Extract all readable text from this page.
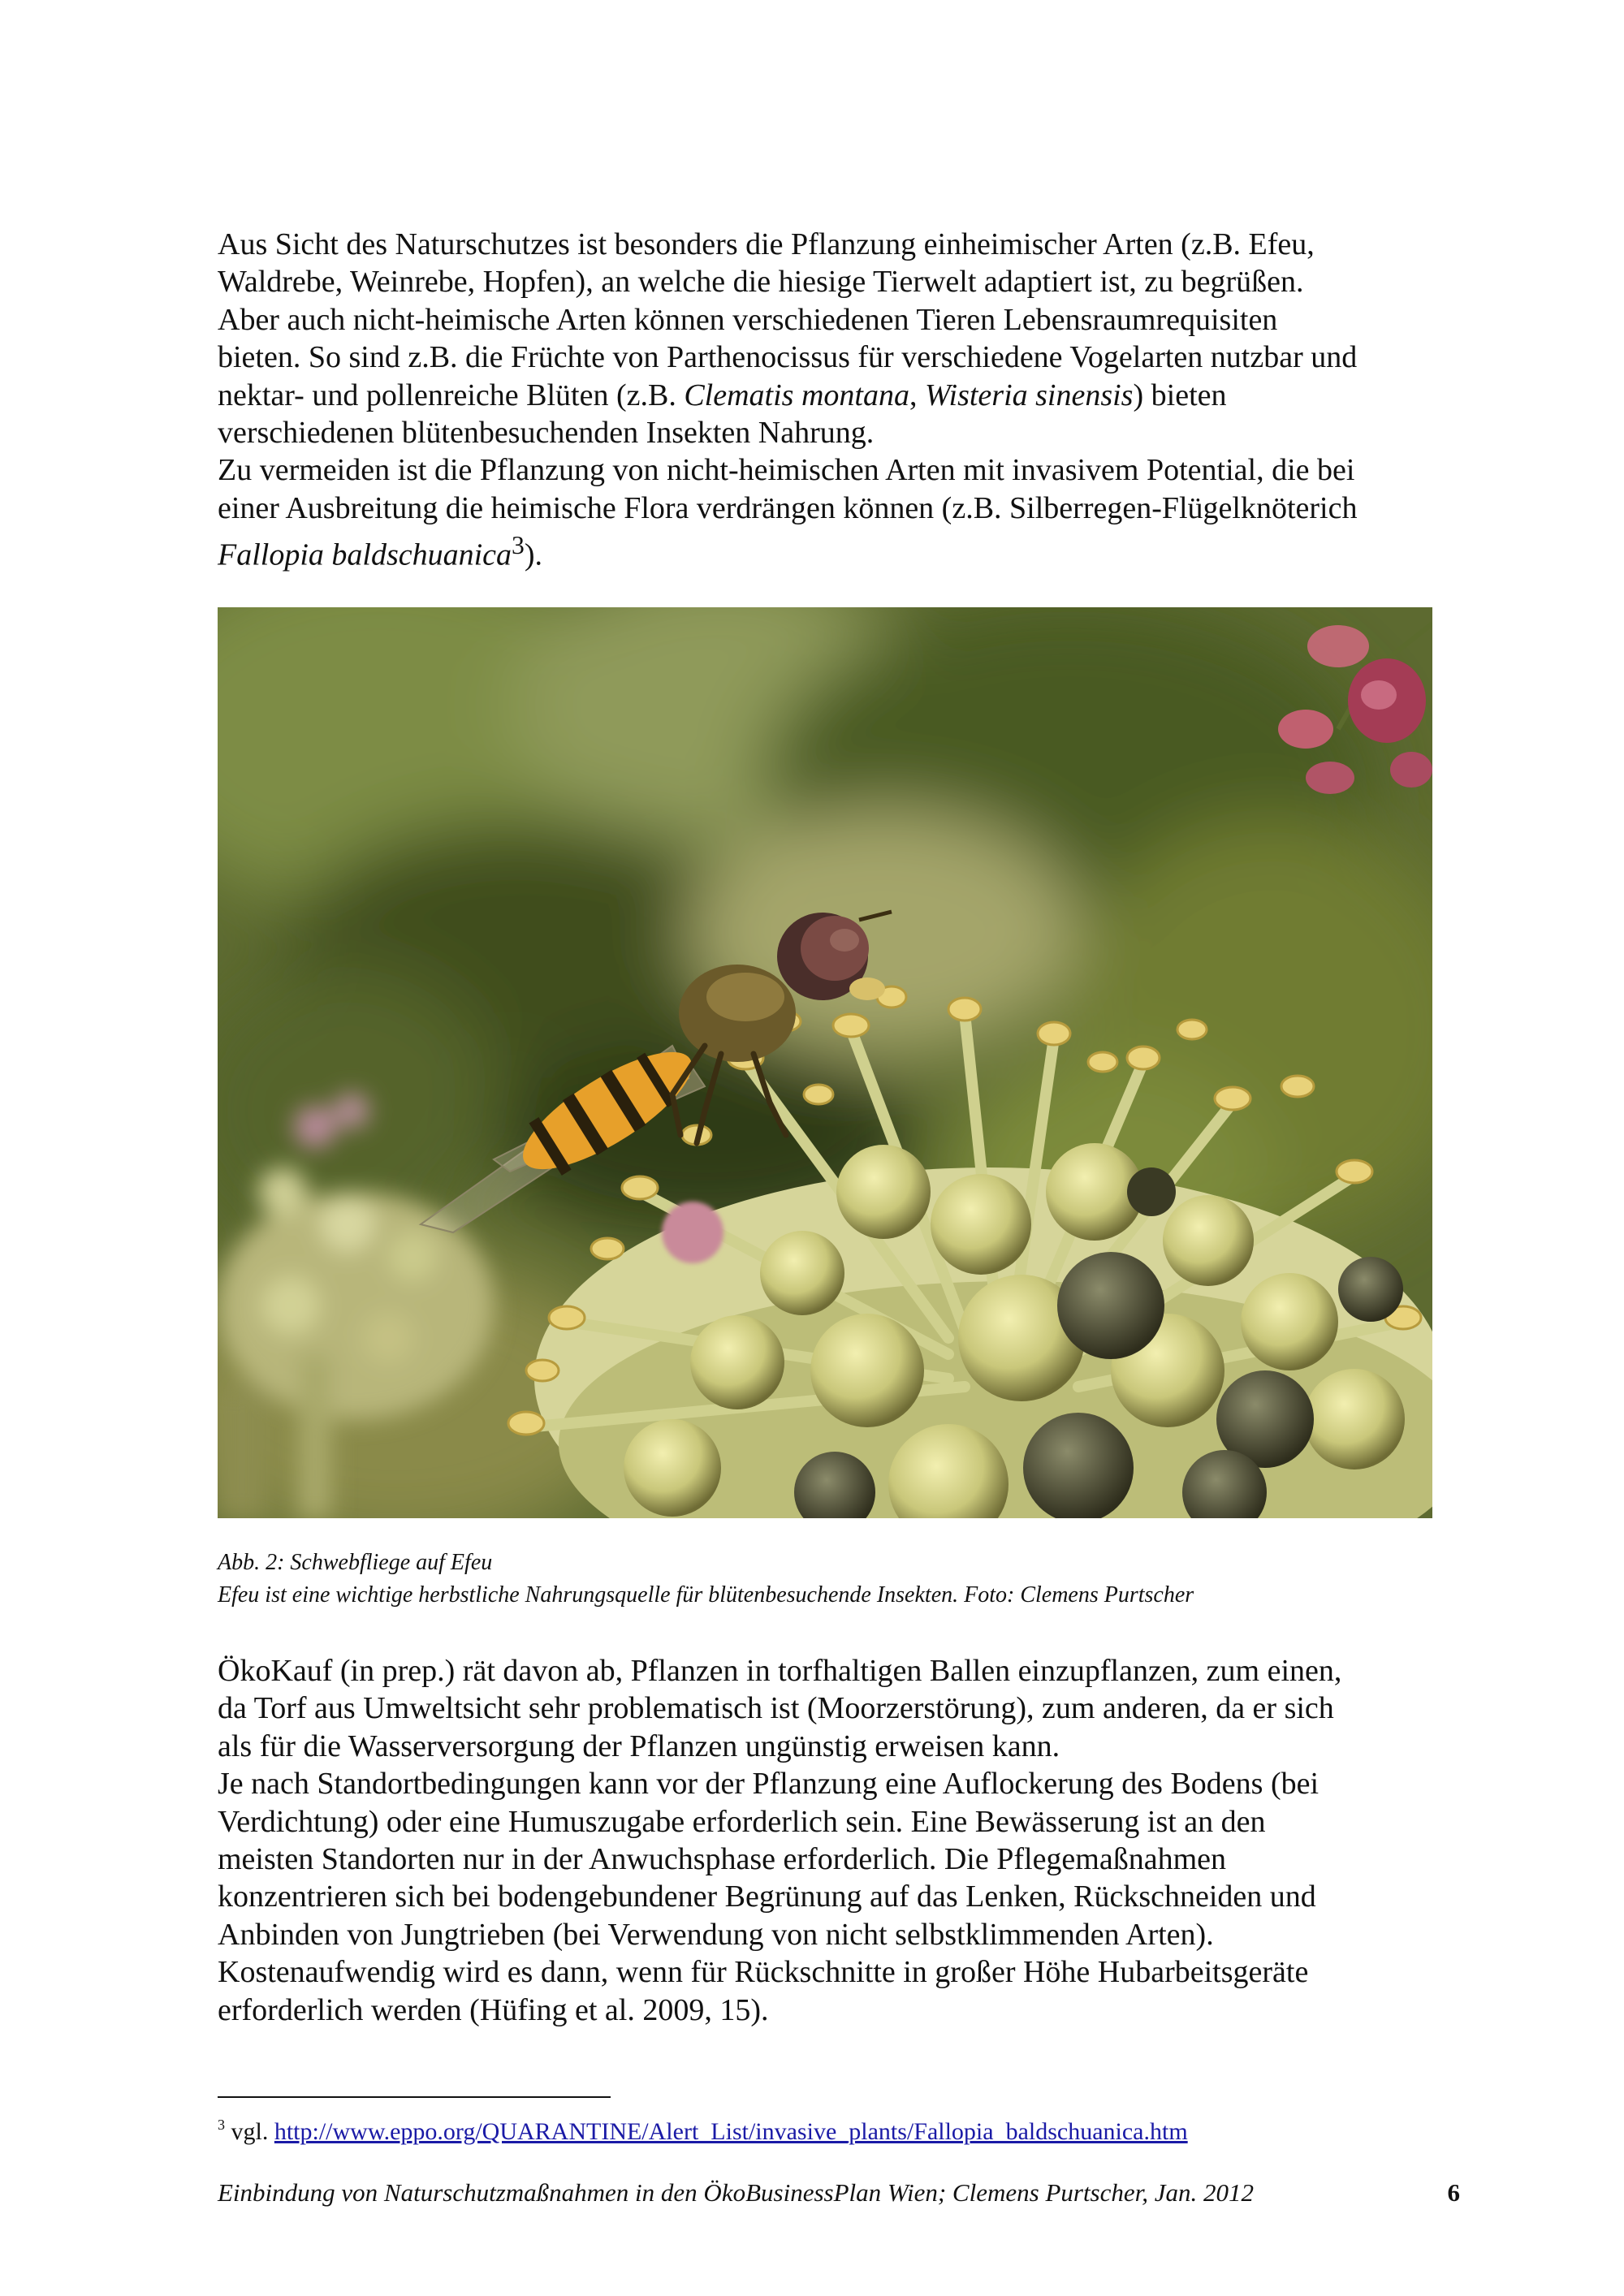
Aus Sicht des Naturschutzes ist besonders die Pflanzung einheimischer Arten (z.B. Efeu,
Waldrebe, Weinrebe, Hopfen), an welche die hiesige Tierwelt adaptiert ist, zu begrüßen.
Aber auch nicht-heimische Arten können verschiedenen Tieren Lebensraumrequisiten
bieten. So sind z.B. die Früchte von Parthenocissus für verschiedene Vogelarten nutzbar und
nektar- und pollenreiche Blüten (z.B. Clematis montana, Wisteria sinensis) bieten
verschiedenen blütenbesuchenden Insekten Nahrung.
Zu vermeiden ist die Pflanzung von nicht-heimischen Arten mit invasivem Potential, die bei
einer Ausbreitung die heimische Flora verdrängen können (z.B. Silberregen-Flügelknöterich
Fallopia baldschuanica$^3$).
Abb. 2: Schwebfliege auf Efeu
Efeu ist eine wichtige herbstliche Nahrungsquelle für blütenbesuchende Insekten. Foto: Clemens Purtscher
ÖkoKauf (in prep.) rät davon ab, Pflanzen in torfhaltigen Ballen einzupflanzen, zum einen,
da Torf aus Umweltsicht sehr problematisch ist (Moorzerstörung), zum anderen, da er sich
als für die Wasserversorgung der Pflanzen ungünstig erweisen kann.
Je nach Standortbedingungen kann vor der Pflanzung eine Auflockerung des Bodens (bei
Verdichtung) oder eine Humuszugabe erforderlich sein. Eine Bewässerung ist an den
meisten Standorten nur in der Anwuchsphase erforderlich. Die Pflegemaßnahmen
konzentrieren sich bei bodengebundener Begrünung auf das Lenken, Rückschneiden und
Anbinden von Jungtrieben (bei Verwendung von nicht selbstklimmenden Arten).
Kostenaufwendig wird es dann, wenn für Rückschnitte in großer Höhe Hubarbeitsgeräte
erforderlich werden (Hüfing et al. 2009, 15).
$^3$ vgl. http://www.eppo.org/QUARANTINE/Alert_List/invasive_plants/Fallopia_baldschuanica.htm
Einbindung von Naturschutzmaßnahmen in den ÖkoBusinessPlan Wien; Clemens Purtscher, Jan. 2012	6
